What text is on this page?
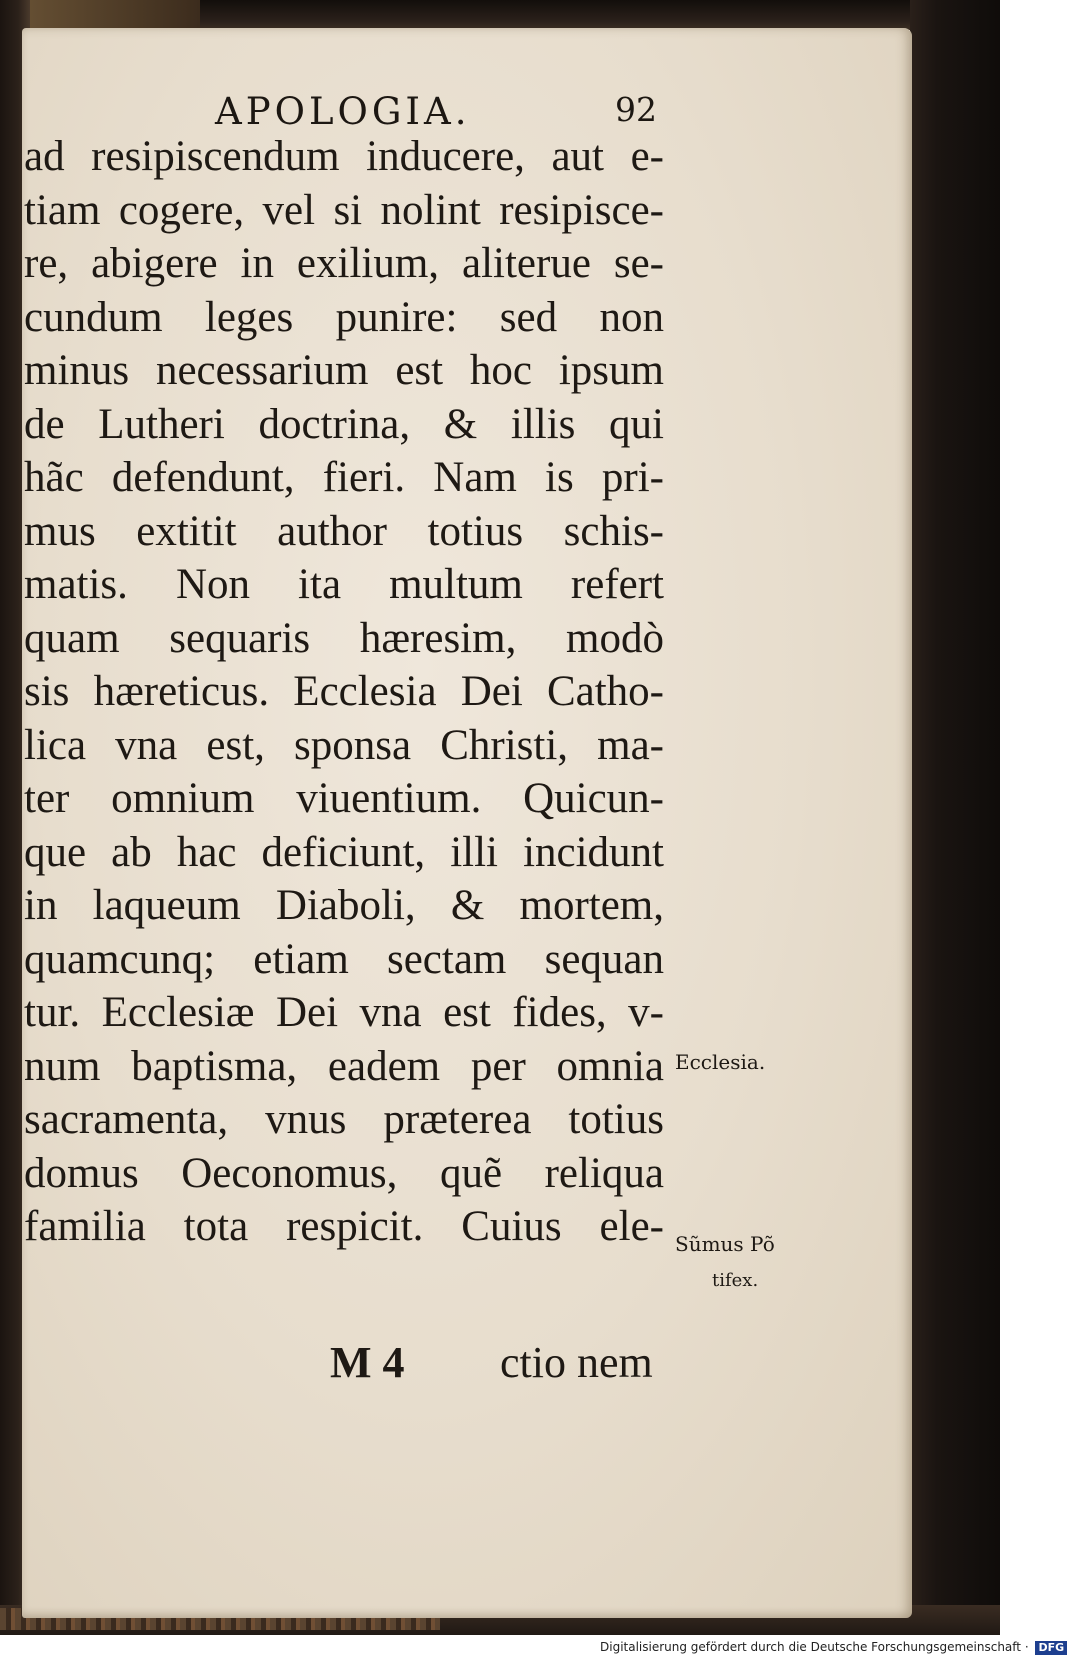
APOLOGIA.	92
ad resipiscendum inducere, aut e-
tiam cogere, vel si nolint resipisce-
re, abigere in exilium, aliterue se-
cundum leges punire: sed non
minus necessarium est hoc ipsum
de Lutheri doctrina, & illis qui
hãc defendunt, fieri. Nam is pri-
mus extitit author totius schis-
matis. Non ita multum refert
quam sequaris hæresim, modò
sis hæreticus. Ecclesia Dei Catho-
lica vna est, sponsa Christi, ma-
ter omnium viuentium. Quicun-
que ab hac deficiunt, illi incidunt
in laqueum Diaboli, & mortem,
quamcunq; etiam sectam sequan
tur. Ecclesiæ Dei vna est fides, v-
num baptisma, eadem per omnia
sacramenta, vnus præterea totius
domus Oeconomus, quẽ reliqua
familia tota respicit. Cuius ele-
Ecclesia.
Sũmus Põ
tifex.
M 4 ctio nem
Digitalisierung gefördert durch die Deutsche Forschungsgemeinschaft · DFG
